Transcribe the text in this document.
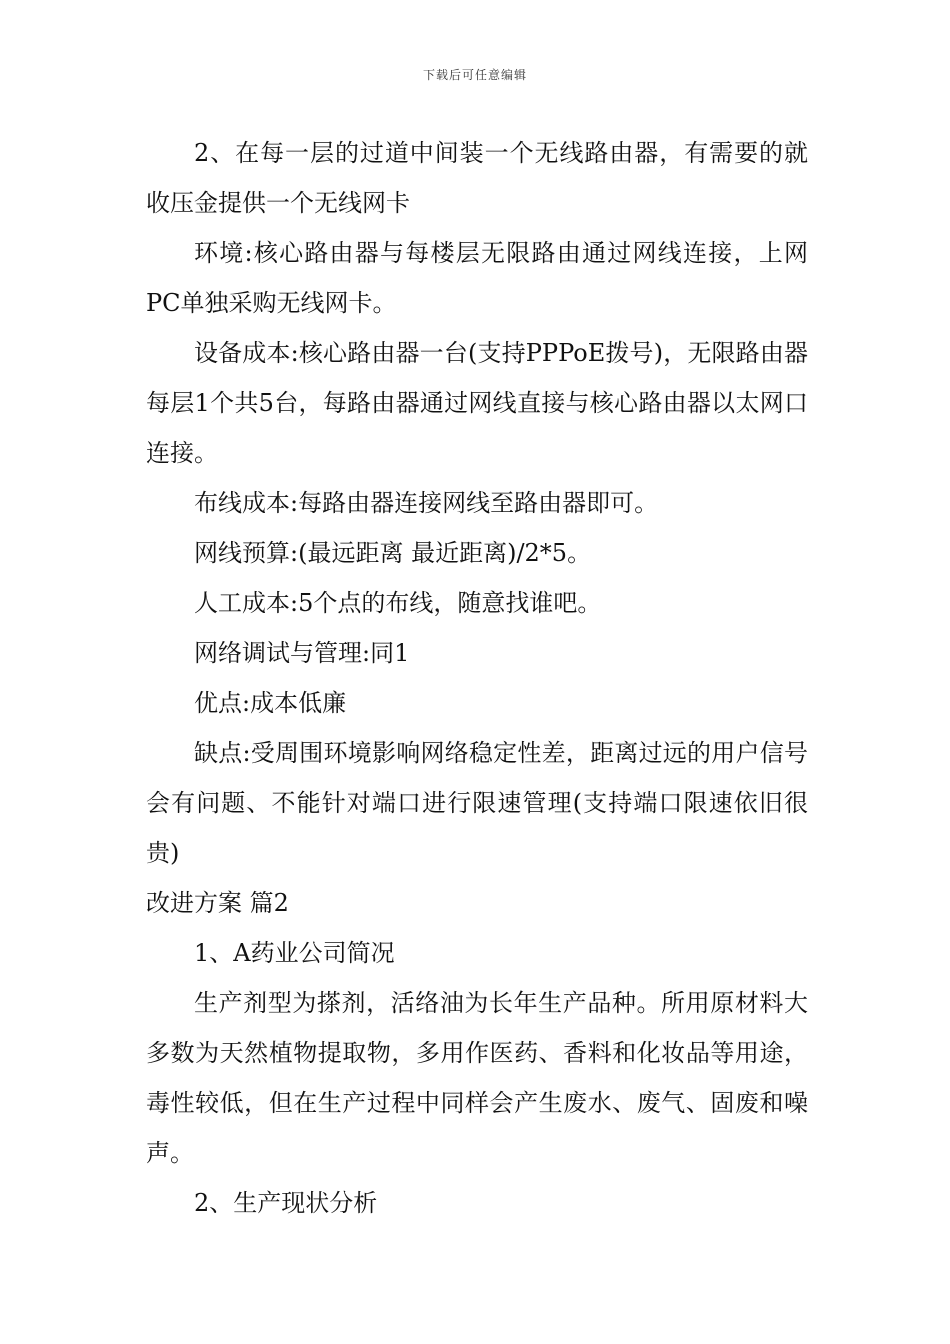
下载后可任意编辑

2、在每一层的过道中间装一个无线路由器，有需要的就收压金提供一个无线网卡

环境:核心路由器与每楼层无限路由通过网线连接，上网PC单独采购无线网卡。

设备成本:核心路由器一台(支持PPPoE拨号)，无限路由器每层1个共5台，每路由器通过网线直接与核心路由器以太网口连接。

布线成本:每路由器连接网线至路由器即可。

网线预算:(最远距离 最近距离)/2*5。

人工成本:5个点的布线，随意找谁吧。

网络调试与管理:同1

优点:成本低廉

缺点:受周围环境影响网络稳定性差，距离过远的用户信号会有问题、不能针对端口进行限速管理(支持端口限速依旧很贵)

改进方案 篇2

1、A药业公司简况

生产剂型为搽剂，活络油为长年生产品种。所用原材料大多数为天然植物提取物，多用作医药、香料和化妆品等用途，毒性较低，但在生产过程中同样会产生废水、废气、固废和噪声。

2、生产现状分析
